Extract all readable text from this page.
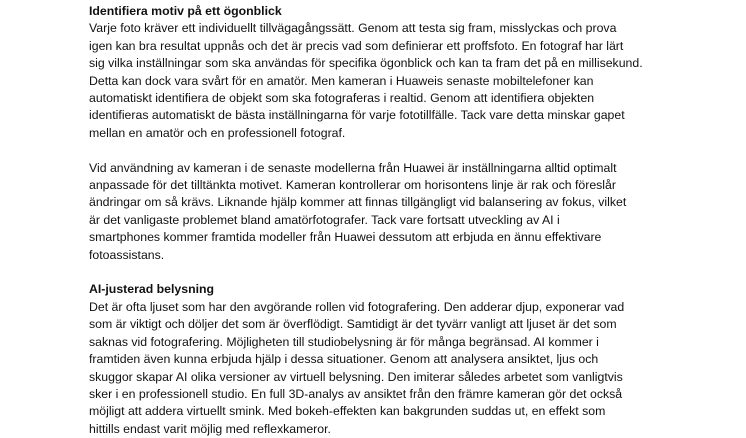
Identifiera motiv på ett ögonblick

Varje foto kräver ett individuellt tillvägagångssätt. Genom att testa sig fram, misslyckas och prova
igen kan bra resultat uppnås och det är precis vad som definierar ett proffsfoto. En fotograf har lärt
sig vilka inställningar som ska användas för specifika ögonblick och kan ta fram det på en millisekund.
Detta kan dock vara svårt för en amatör. Men kameran i Huaweis senaste mobiltelefoner kan
automatiskt identifiera de objekt som ska fotograferas i realtid. Genom att identifiera objekten
identifieras automatiskt de bästa inställningarna för varje fototillfälle. Tack vare detta minskar gapet
mellan en amatör och en professionell fotograf.

Vid användning av kameran i de senaste modellerna från Huawei är inställningarna alltid optimalt
anpassade för det tilltänkta motivet. Kameran kontrollerar om horisontens linje är rak och föreslår
ändringar om så krävs. Liknande hjälp kommer att finnas tillgängligt vid balansering av fokus, vilket
är det vanligaste problemet bland amatörfotografer. Tack vare fortsatt utveckling av AI i
smartphones kommer framtida modeller från Huawei dessutom att erbjuda en ännu effektivare
fotoassistans.

AI-justerad belysning

Det är ofta ljuset som har den avgörande rollen vid fotografering. Den adderar djup, exponerar vad
som är viktigt och döljer det som är överflödigt. Samtidigt är det tyvärr vanligt att ljuset är det som
saknas vid fotografering. Möjligheten till studiobelysning är för många begränsad. AI kommer i
framtiden även kunna erbjuda hjälp i dessa situationer. Genom att analysera ansiktet, ljus och
skuggor skapar AI olika versioner av virtuell belysning. Den imiterar således arbetet som vanligtvis
sker i en professionell studio. En full 3D-analys av ansiktet från den främre kameran gör det också
möjligt att addera virtuellt smink. Med bokeh-effekten kan bakgrunden suddas ut, en effekt som
hittills endast varit möjlig med reflexkameror.
